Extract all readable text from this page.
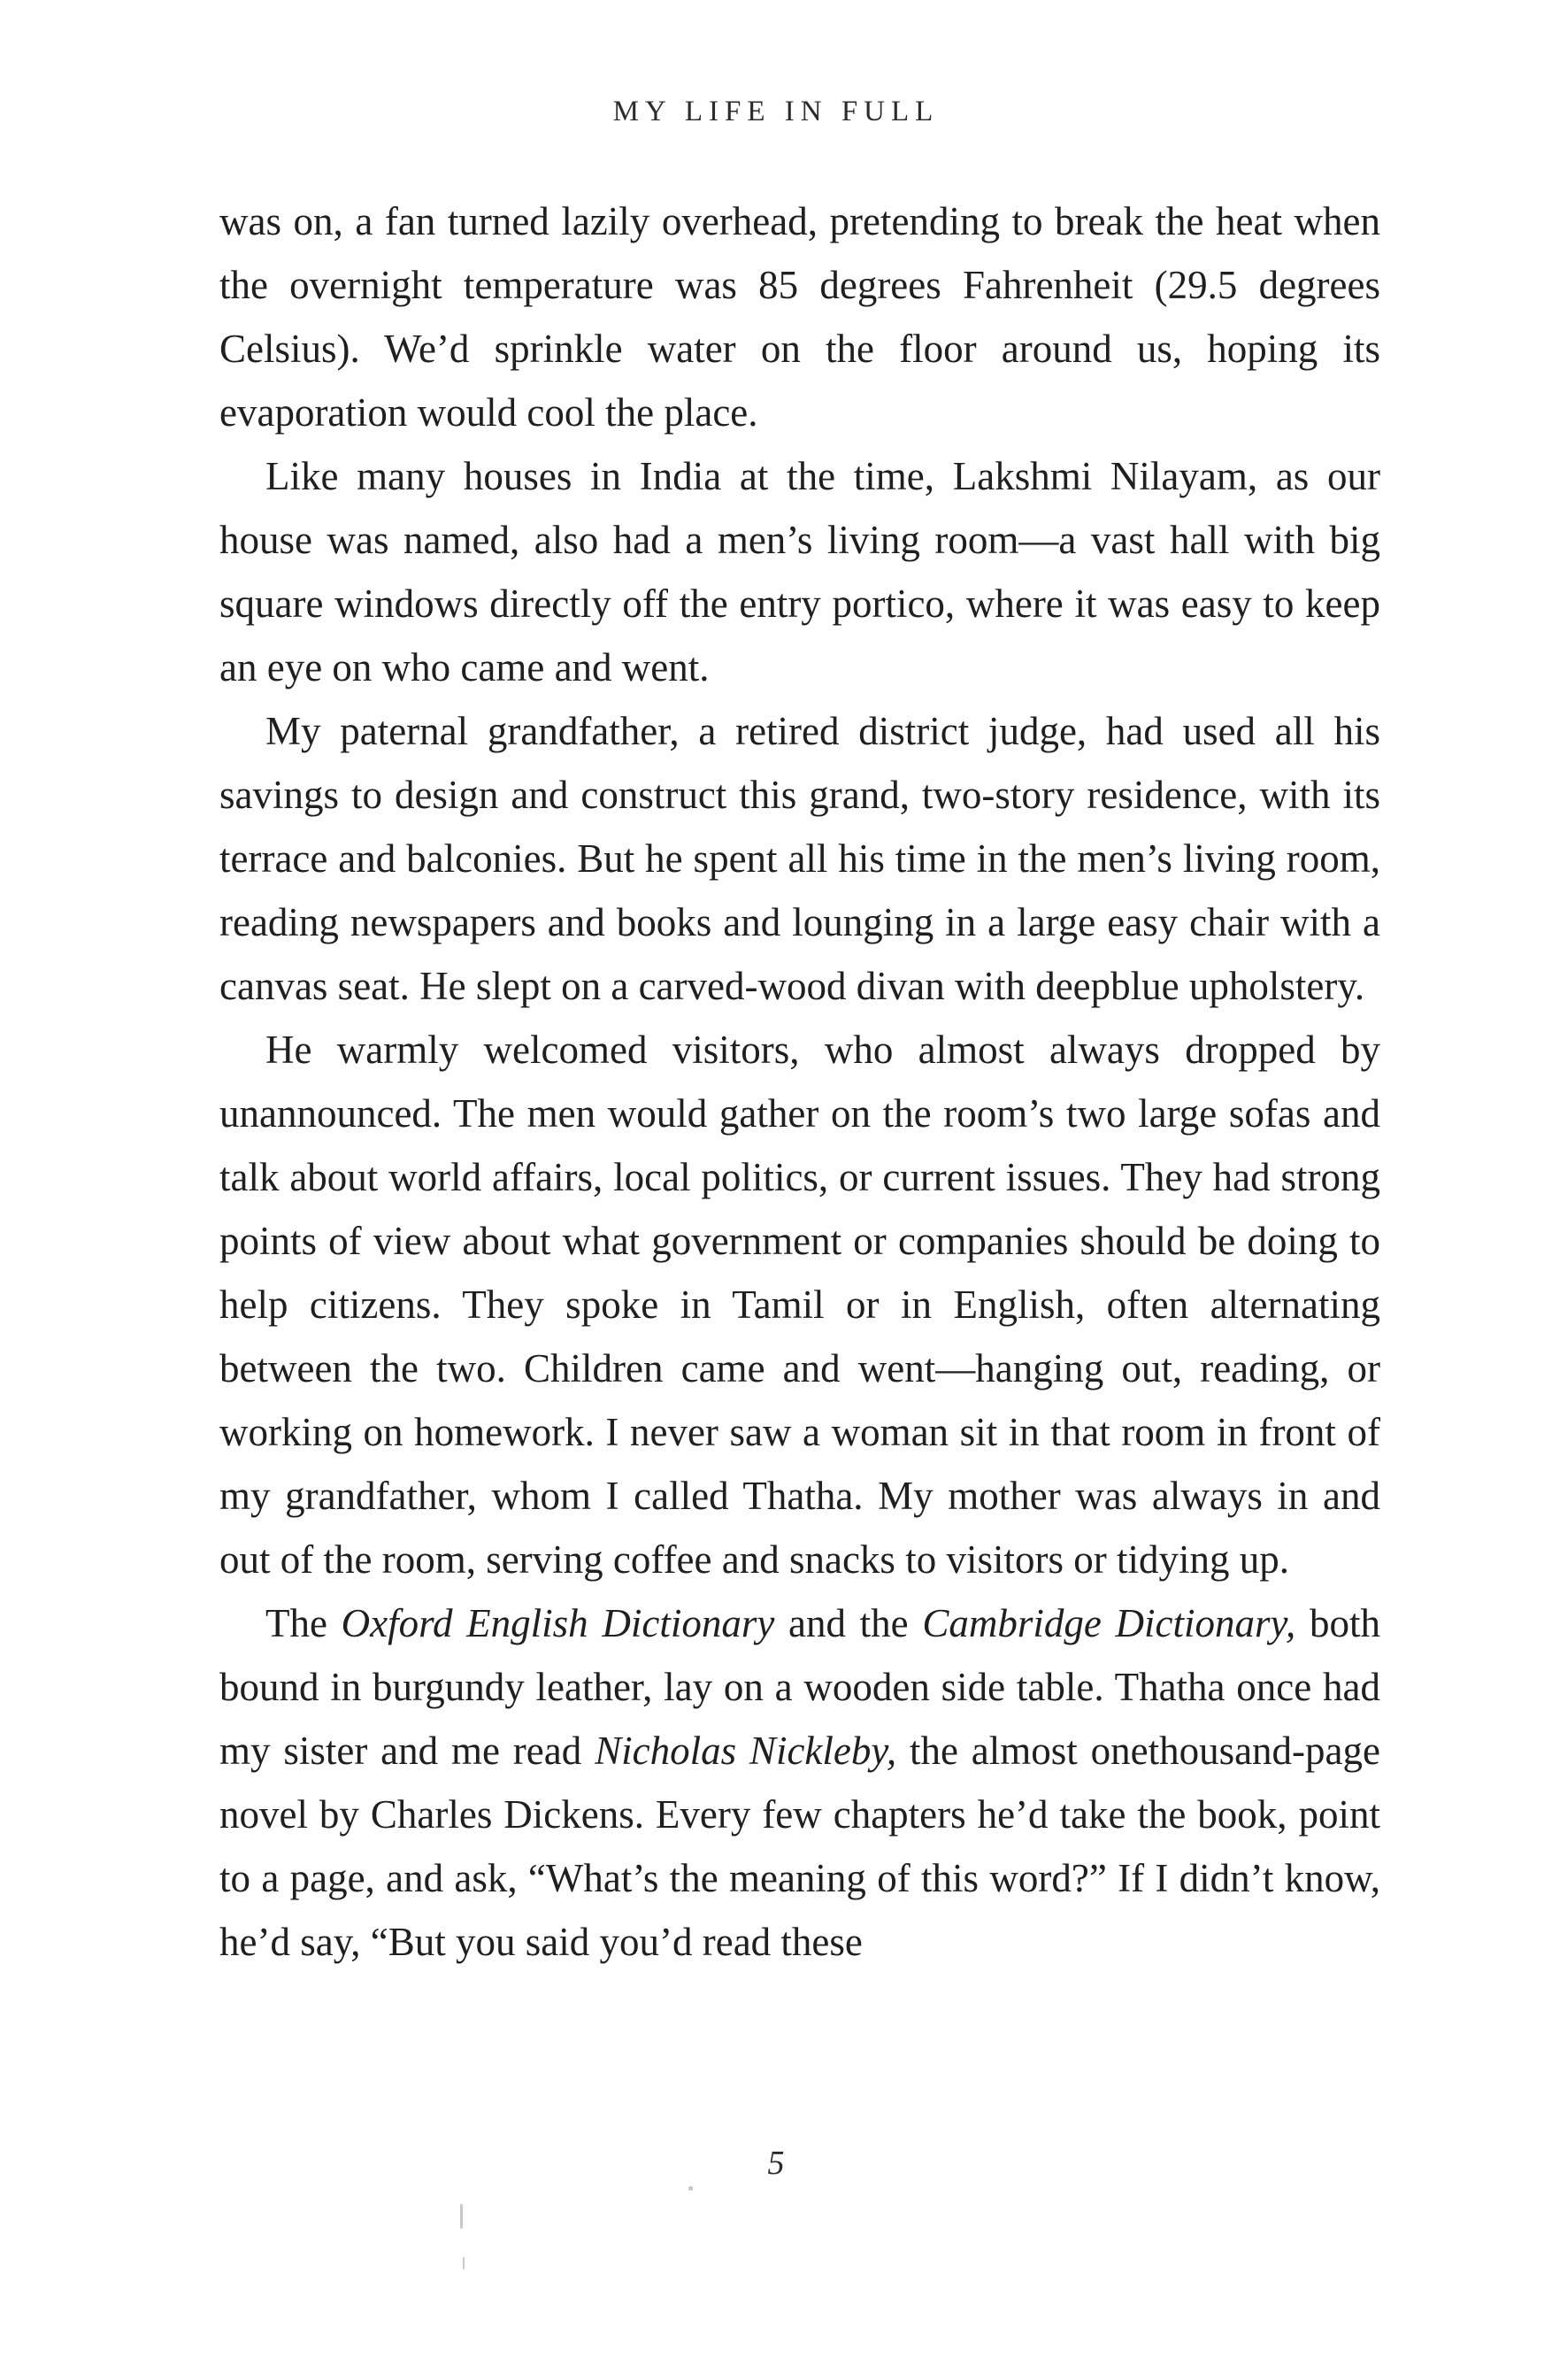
MY LIFE IN FULL

was on, a fan turned lazily overhead, pretending to break the heat when the overnight temperature was 85 degrees Fahrenheit (29.5 degrees Celsius). We’d sprinkle water on the floor around us, hoping its evaporation would cool the place.

Like many houses in India at the time, Lakshmi Nilayam, as our house was named, also had a men’s living room—a vast hall with big square windows directly off the entry portico, where it was easy to keep an eye on who came and went.

My paternal grandfather, a retired district judge, had used all his savings to design and construct this grand, two-story residence, with its terrace and balconies. But he spent all his time in the men’s living room, reading newspapers and books and lounging in a large easy chair with a canvas seat. He slept on a carved-wood divan with deepblue upholstery.

He warmly welcomed visitors, who almost always dropped by unannounced. The men would gather on the room’s two large sofas and talk about world affairs, local politics, or current issues. They had strong points of view about what government or companies should be doing to help citizens. They spoke in Tamil or in English, often alternating between the two. Children came and went—hanging out, reading, or working on homework. I never saw a woman sit in that room in front of my grandfather, whom I called Thatha. My mother was always in and out of the room, serving coffee and snacks to visitors or tidying up.

The Oxford English Dictionary and the Cambridge Dictionary, both bound in burgundy leather, lay on a wooden side table. Thatha once had my sister and me read Nicholas Nickleby, the almost onethousand-page novel by Charles Dickens. Every few chapters he’d take the book, point to a page, and ask, “What’s the meaning of this word?” If I didn’t know, he’d say, “But you said you’d read these

5
